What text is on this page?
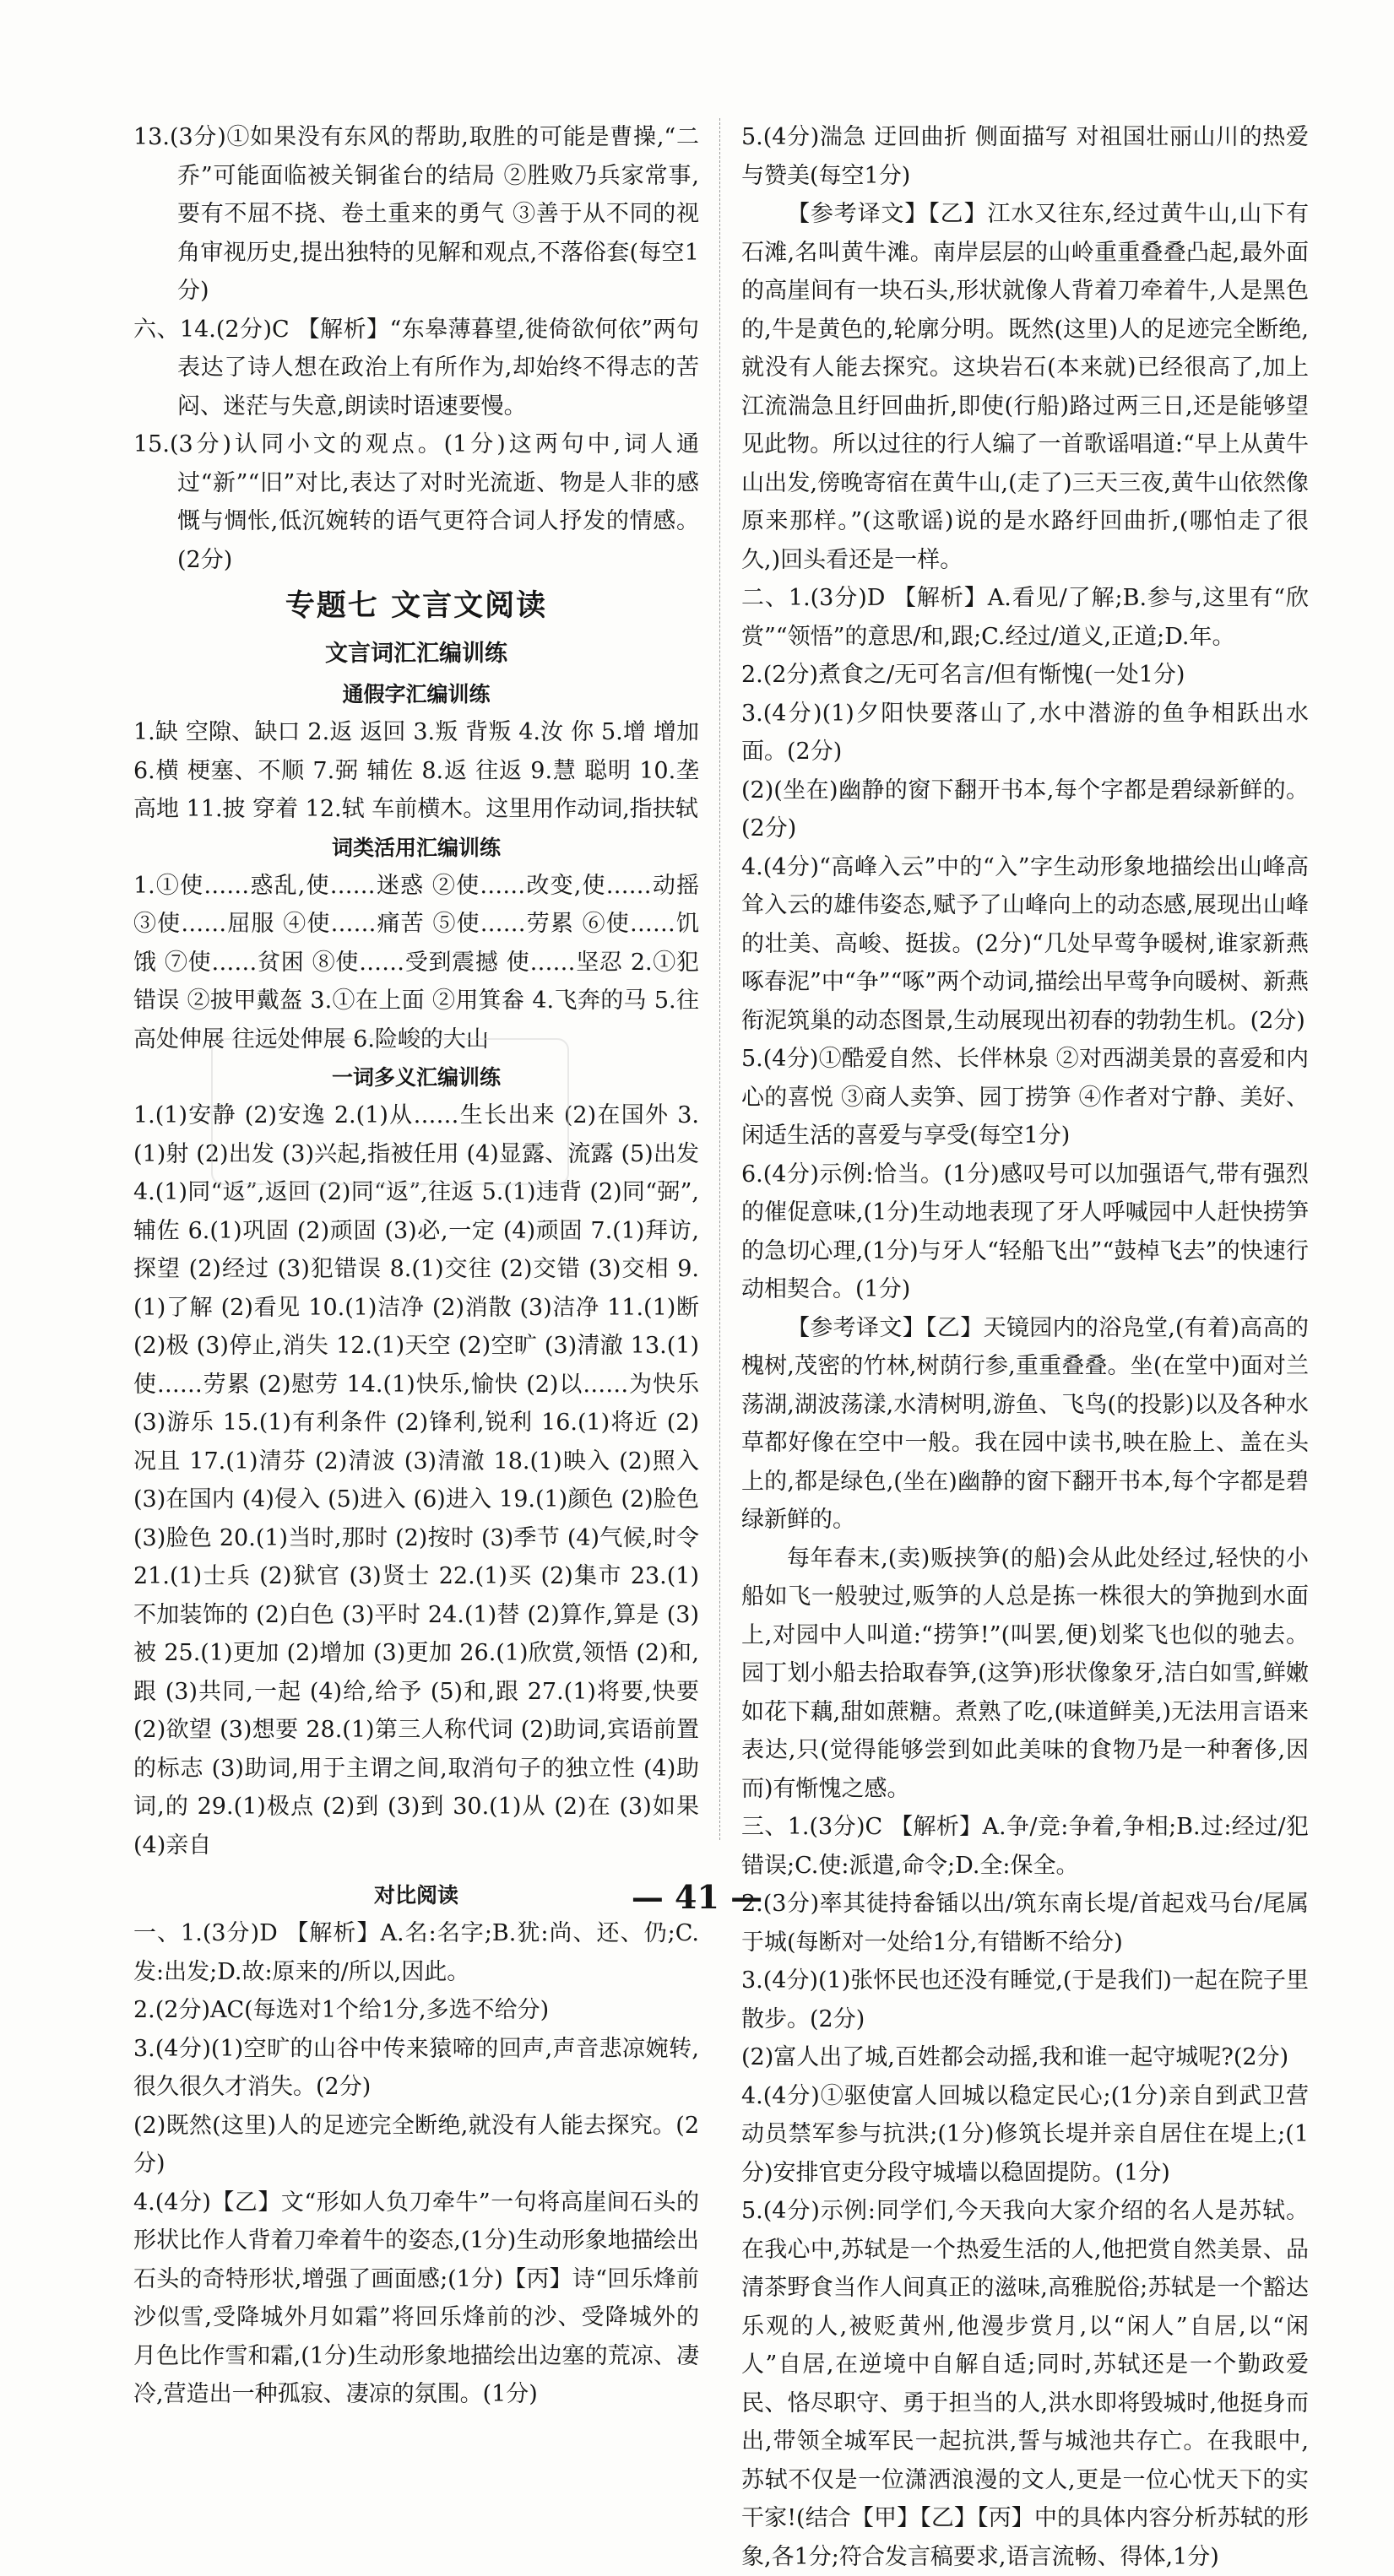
13.(3分)①如果没有东风的帮助,取胜的可能是曹操,“二乔”可能面临被关铜雀台的结局 ②胜败乃兵家常事,要有不屈不挠、卷土重来的勇气 ③善于从不同的视角审视历史,提出独特的见解和观点,不落俗套(每空1分)

六、14.(2分)C 【解析】“东皋薄暮望,徙倚欲何依”两句表达了诗人想在政治上有所作为,却始终不得志的苦闷、迷茫与失意,朗读时语速要慢。

15.(3分)认同小文的观点。(1分)这两句中,词人通过“新”“旧”对比,表达了对时光流逝、物是人非的感慨与惆怅,低沉婉转的语气更符合词人抒发的情感。(2分)

专题七 文言文阅读
文言词汇汇编训练
通假字汇编训练

1.缺 空隙、缺口 2.返 返回 3.叛 背叛 4.汝 你 5.增 增加 6.横 梗塞、不顺 7.弼 辅佐 8.返 往返 9.慧 聪明 10.垄 高地 11.披 穿着 12.轼 车前横木。这里用作动词,指扶轼

词类活用汇编训练

1.①使……惑乱,使……迷惑 ②使……改变,使……动摇 ③使……屈服 ④使……痛苦 ⑤使……劳累 ⑥使……饥饿 ⑦使……贫困 ⑧使……受到震撼 使……坚忍 2.①犯错误 ②披甲戴盔 3.①在上面 ②用箕畚 4.飞奔的马 5.往高处伸展 往远处伸展 6.险峻的大山

一词多义汇编训练

1.(1)安静 (2)安逸 2.(1)从……生长出来 (2)在国外 3.(1)射 (2)出发 (3)兴起,指被任用 (4)显露、流露 (5)出发 4.(1)同“返”,返回 (2)同“返”,往返 5.(1)违背 (2)同“弼”,辅佐 6.(1)巩固 (2)顽固 (3)必,一定 (4)顽固 7.(1)拜访,探望 (2)经过 (3)犯错误 8.(1)交往 (2)交错 (3)交相 9.(1)了解 (2)看见 10.(1)洁净 (2)消散 (3)洁净 11.(1)断 (2)极 (3)停止,消失 12.(1)天空 (2)空旷 (3)清澈 13.(1)使……劳累 (2)慰劳 14.(1)快乐,愉快 (2)以……为快乐 (3)游乐 15.(1)有利条件 (2)锋利,锐利 16.(1)将近 (2)况且 17.(1)清芬 (2)清波 (3)清澈 18.(1)映入 (2)照入 (3)在国内 (4)侵入 (5)进入 (6)进入 19.(1)颜色 (2)脸色 (3)脸色 20.(1)当时,那时 (2)按时 (3)季节 (4)气候,时令 21.(1)士兵 (2)狱官 (3)贤士 22.(1)买 (2)集市 23.(1)不加装饰的 (2)白色 (3)平时 24.(1)替 (2)算作,算是 (3)被 25.(1)更加 (2)增加 (3)更加 26.(1)欣赏,领悟 (2)和,跟 (3)共同,一起 (4)给,给予 (5)和,跟 27.(1)将要,快要 (2)欲望 (3)想要 28.(1)第三人称代词 (2)助词,宾语前置的标志 (3)助词,用于主谓之间,取消句子的独立性 (4)助词,的 29.(1)极点 (2)到 (3)到 30.(1)从 (2)在 (3)如果 (4)亲自

对比阅读

一、1.(3分)D 【解析】A.名:名字;B.犹:尚、还、仍;C.发:出发;D.故:原来的/所以,因此。

2.(2分)AC(每选对1个给1分,多选不给分)

3.(4分)(1)空旷的山谷中传来猿啼的回声,声音悲凉婉转,很久很久才消失。(2分)

(2)既然(这里)人的足迹完全断绝,就没有人能去探究。(2分)

4.(4分)【乙】文“形如人负刀牵牛”一句将高崖间石头的形状比作人背着刀牵着牛的姿态,(1分)生动形象地描绘出石头的奇特形状,增强了画面感;(1分)【丙】诗“回乐烽前沙似雪,受降城外月如霜”将回乐烽前的沙、受降城外的月色比作雪和霜,(1分)生动形象地描绘出边塞的荒凉、凄冷,营造出一种孤寂、凄凉的氛围。(1分)

5.(4分)湍急 迂回曲折 侧面描写 对祖国壮丽山川的热爱与赞美(每空1分)

【参考译文】【乙】江水又往东,经过黄牛山,山下有石滩,名叫黄牛滩。南岸层层的山岭重重叠叠凸起,最外面的高崖间有一块石头,形状就像人背着刀牵着牛,人是黑色的,牛是黄色的,轮廓分明。既然(这里)人的足迹完全断绝,就没有人能去探究。这块岩石(本来就)已经很高了,加上江流湍急且纡回曲折,即使(行船)路过两三日,还是能够望见此物。所以过往的行人编了一首歌谣唱道:“早上从黄牛山出发,傍晚寄宿在黄牛山,(走了)三天三夜,黄牛山依然像原来那样。”(这歌谣)说的是水路纡回曲折,(哪怕走了很久,)回头看还是一样。

二、1.(3分)D 【解析】A.看见/了解;B.参与,这里有“欣赏”“领悟”的意思/和,跟;C.经过/道义,正道;D.年。

2.(2分)煮食之/无可名言/但有惭愧(一处1分)

3.(4分)(1)夕阳快要落山了,水中潜游的鱼争相跃出水面。(2分)

(2)(坐在)幽静的窗下翻开书本,每个字都是碧绿新鲜的。(2分)

4.(4分)“高峰入云”中的“入”字生动形象地描绘出山峰高耸入云的雄伟姿态,赋予了山峰向上的动态感,展现出山峰的壮美、高峻、挺拔。(2分)“几处早莺争暖树,谁家新燕啄春泥”中“争”“啄”两个动词,描绘出早莺争向暖树、新燕衔泥筑巢的动态图景,生动展现出初春的勃勃生机。(2分)

5.(4分)①酷爱自然、长伴林泉 ②对西湖美景的喜爱和内心的喜悦 ③商人卖笋、园丁捞笋 ④作者对宁静、美好、闲适生活的喜爱与享受(每空1分)

6.(4分)示例:恰当。(1分)感叹号可以加强语气,带有强烈的催促意味,(1分)生动地表现了牙人呼喊园中人赶快捞笋的急切心理,(1分)与牙人“轻船飞出”“鼓棹飞去”的快速行动相契合。(1分)

【参考译文】【乙】天镜园内的浴凫堂,(有着)高高的槐树,茂密的竹林,树荫行参,重重叠叠。坐(在堂中)面对兰荡湖,湖波荡漾,水清树明,游鱼、飞鸟(的投影)以及各种水草都好像在空中一般。我在园中读书,映在脸上、盖在头上的,都是绿色,(坐在)幽静的窗下翻开书本,每个字都是碧绿新鲜的。

每年春末,(卖)贩挟笋(的船)会从此处经过,轻快的小船如飞一般驶过,贩笋的人总是拣一株很大的笋抛到水面上,对园中人叫道:“捞笋!”(叫罢,便)划桨飞也似的驰去。园丁划小船去拾取春笋,(这笋)形状像象牙,洁白如雪,鲜嫩如花下藕,甜如蔗糖。煮熟了吃,(味道鲜美,)无法用言语来表达,只(觉得能够尝到如此美味的食物乃是一种奢侈,因而)有惭愧之感。

三、1.(3分)C 【解析】A.争/竞:争着,争相;B.过:经过/犯错误;C.使:派遣,命令;D.全:保全。

2.(3分)率其徒持畚锸以出/筑东南长堤/首起戏马台/尾属于城(每断对一处给1分,有错断不给分)

3.(4分)(1)张怀民也还没有睡觉,(于是我们)一起在院子里散步。(2分)

(2)富人出了城,百姓都会动摇,我和谁一起守城呢?(2分)

4.(4分)①驱使富人回城以稳定民心;(1分)亲自到武卫营动员禁军参与抗洪;(1分)修筑长堤并亲自居住在堤上;(1分)安排官吏分段守城墙以稳固提防。(1分)

5.(4分)示例:同学们,今天我向大家介绍的名人是苏轼。在我心中,苏轼是一个热爱生活的人,他把赏自然美景、品清茶野食当作人间真正的滋味,高雅脱俗;苏轼是一个豁达乐观的人,被贬黄州,他漫步赏月,以“闲人”自居,以“闲人”自居,在逆境中自解自适;同时,苏轼还是一个勤政爱民、恪尽职守、勇于担当的人,洪水即将毁城时,他挺身而出,带领全城军民一起抗洪,誓与城池共存亡。在我眼中,苏轼不仅是一位潇洒浪漫的文人,更是一位心忧天下的实干家!(结合【甲】【乙】【丙】中的具体内容分析苏轼的形象,各1分;符合发言稿要求,语言流畅、得体,1分)

— 41 —
